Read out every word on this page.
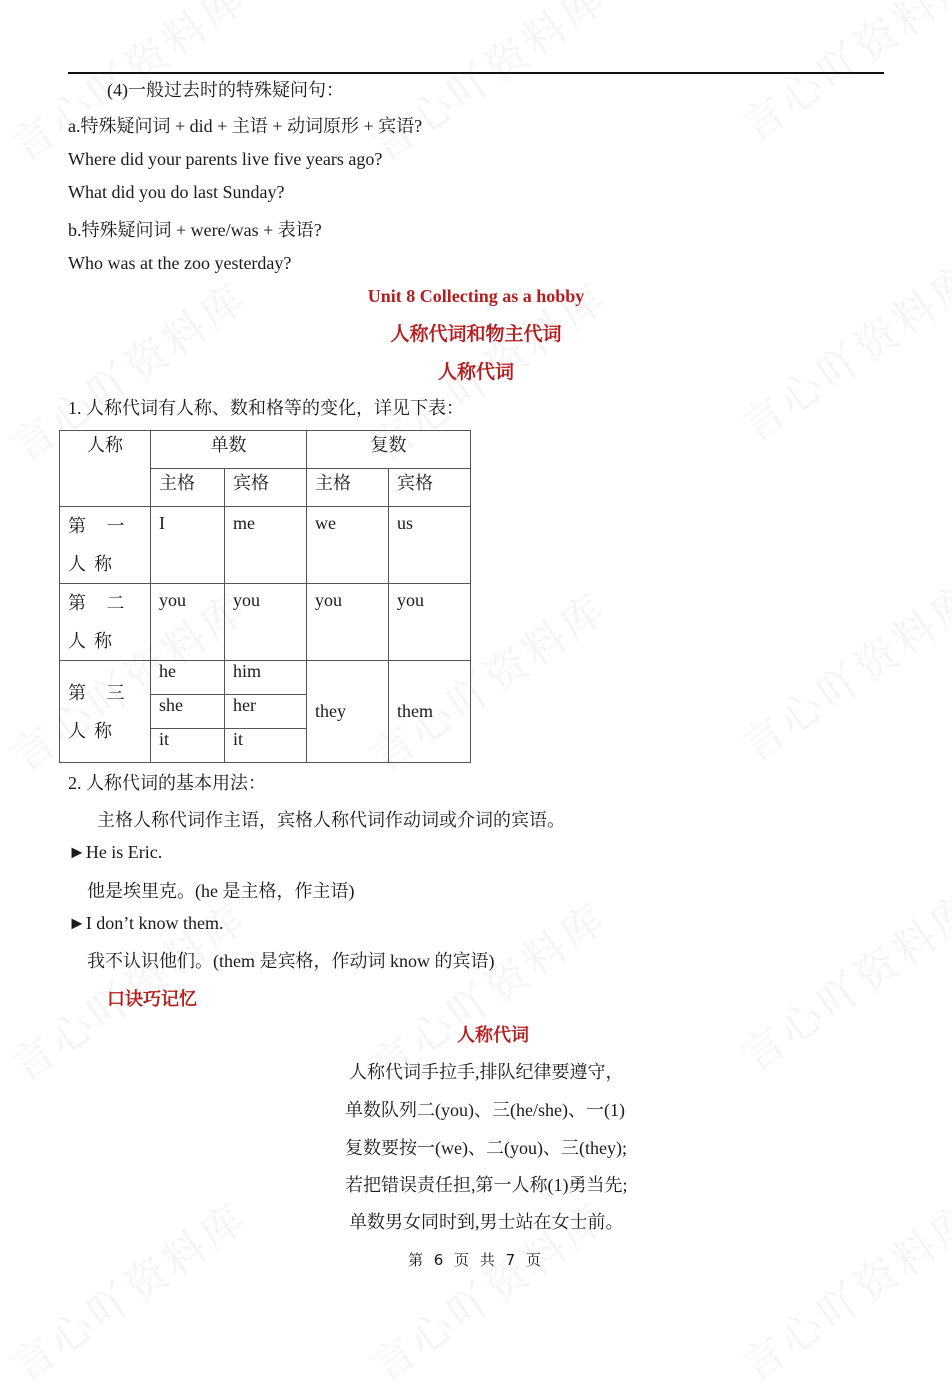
(4)一般过去时的特殊疑问句：
a.特殊疑问词 + did + 主语 + 动词原形 + 宾语?
Where did your parents live five years ago?
What did you do last Sunday?
b.特殊疑问词 + were/was + 表语?
Who was at the zoo yesterday?
Unit 8 Collecting as a hobby
人称代词和物主代词
人称代词
1. 人称代词有人称、数和格等的变化，详见下表：
人称	单数		复数	
	主格	宾格	主格	宾格
第 一 人称	I	me	we	us
第 二 人称	you	you	you	you
第 三 人称	he	him	they	them
	she	her		
	it	it		
2. 人称代词的基本用法：
主格人称代词作主语，宾格人称代词作动词或介词的宾语。
►He is Eric.
他是埃里克。(he 是主格，作主语)
►I don’t know them.
我不认识他们。(them 是宾格，作动词 know 的宾语)
口诀巧记忆
人称代词
人称代词手拉手,排队纪律要遵守，
单数队列二(you)、三(he/she)、一(1)
复数要按一(we)、二(you)、三(they);
若把错误责任担,第一人称(1)勇当先;
单数男女同时到,男士站在女士前。
第 6 页 共 7 页
